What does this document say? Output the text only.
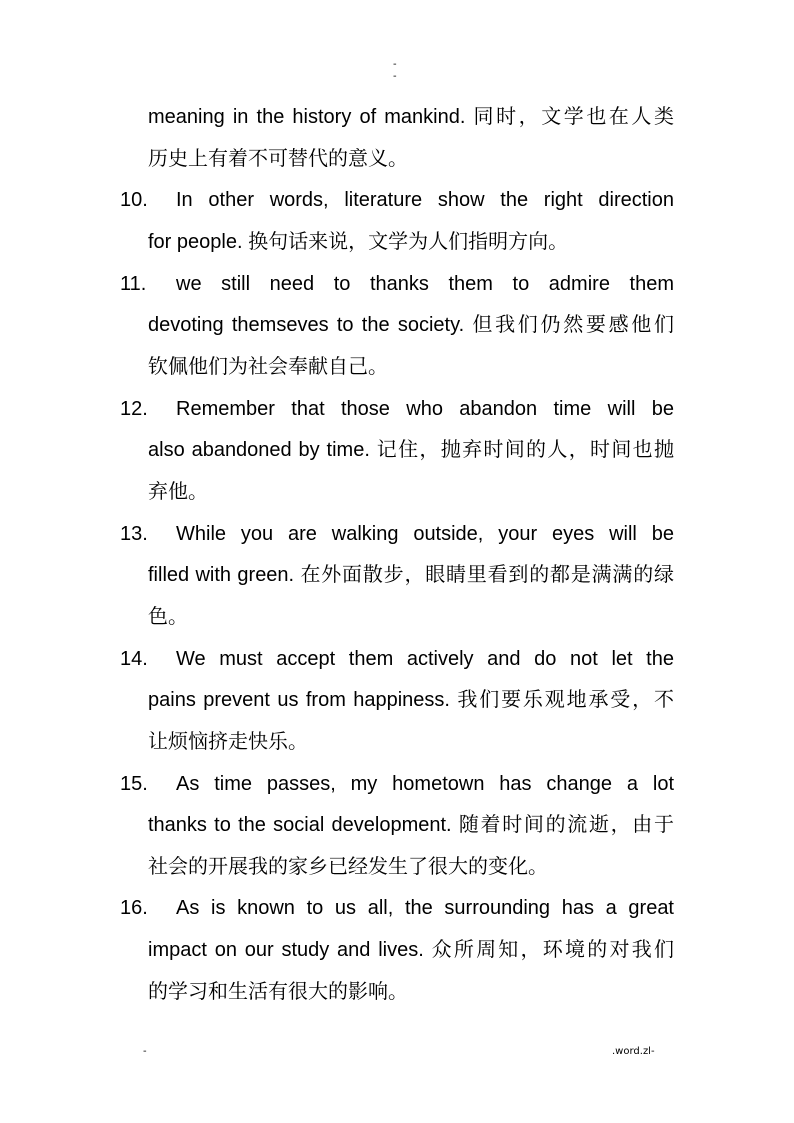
-
-
meaning in the history of mankind. 同时，文学也在人类
历史上有着不可替代的意义。
10. In other words, literature show the right direction
for people. 换句话来说，文学为人们指明方向。
11. we still need to thanks them to admire them
devoting themseves to the society. 但我们仍然要感他们
钦佩他们为社会奉献自己。
12. Remember that those who abandon time will be
also abandoned by time. 记住，抛弃时间的人，时间也抛
弃他。
13. While you are walking outside, your eyes will be
filled with green. 在外面散步，眼睛里看到的都是满满的绿
色。
14. We must accept them actively and do not let the
pains prevent us from happiness. 我们要乐观地承受，不
让烦恼挤走快乐。
15. As time passes, my hometown has change a lot
thanks to the social development. 随着时间的流逝，由于
社会的开展我的家乡已经发生了很大的变化。
16. As is known to us all, the surrounding has a great
impact on our study and lives. 众所周知，环境的对我们
的学习和生活有很大的影响。
-	.word.zl-
